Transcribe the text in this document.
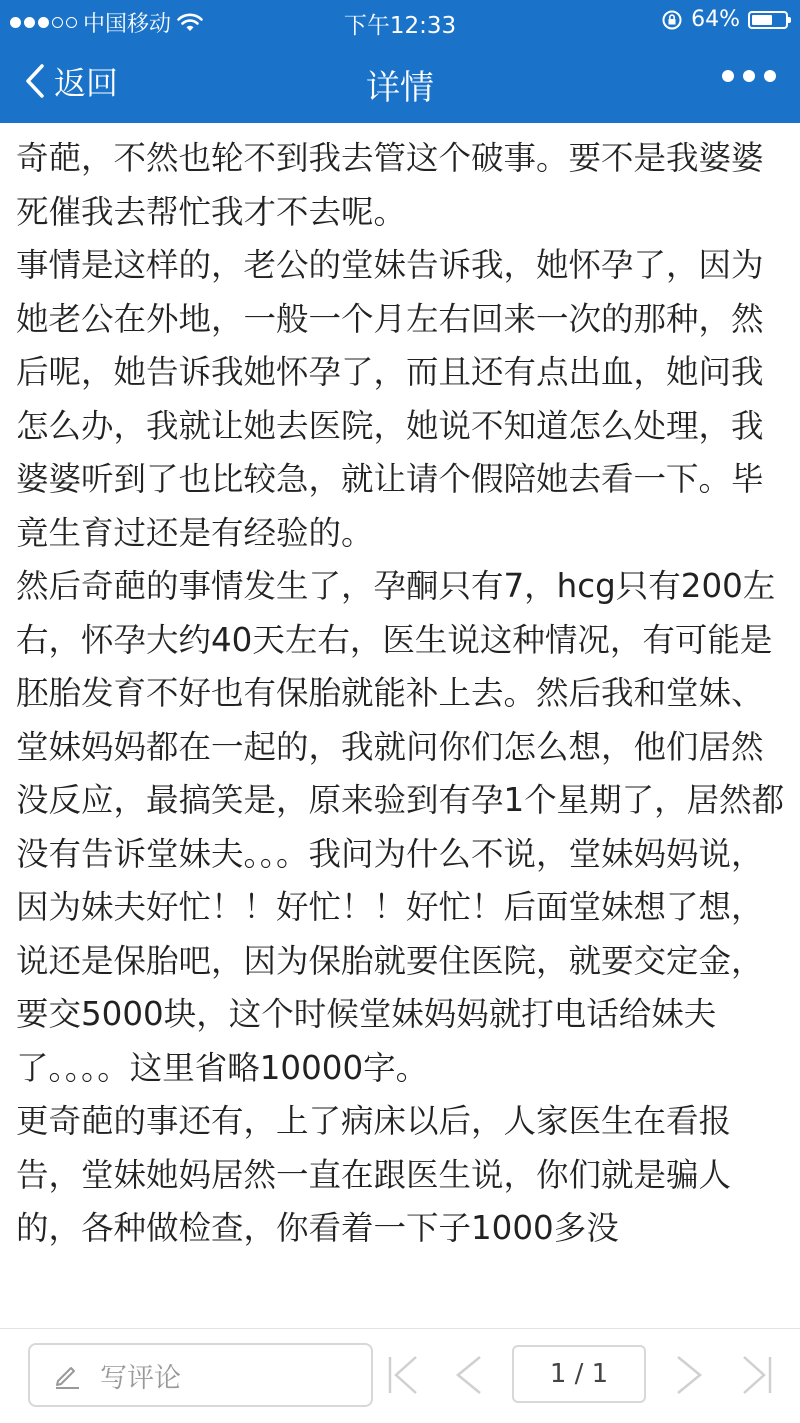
中国移动	下午12:33	64%
返回	详情

奇葩，不然也轮不到我去管这个破事。要不是我婆婆死催我去帮忙我才不去呢。

事情是这样的，老公的堂妹告诉我，她怀孕了，因为她老公在外地，一般一个月左右回来一次的那种，然后呢，她告诉我她怀孕了，而且还有点出血，她问我怎么办，我就让她去医院，她说不知道怎么处理，我婆婆听到了也比较急，就让请个假陪她去看一下。毕竟生育过还是有经验的。

然后奇葩的事情发生了，孕酮只有7，hcg只有200左右，怀孕大约40天左右，医生说这种情况，有可能是胚胎发育不好也有保胎就能补上去。然后我和堂妹、堂妹妈妈都在一起的，我就问你们怎么想，他们居然没反应，最搞笑是，原来验到有孕1个星期了，居然都没有告诉堂妹夫。。。我问为什么不说，堂妹妈妈说，因为妹夫好忙！！好忙！！好忙！后面堂妹想了想，说还是保胎吧，因为保胎就要住医院，就要交定金，要交5000块，这个时候堂妹妈妈就打电话给妹夫了。。。。这里省略10000字。

更奇葩的事还有，上了病床以后，人家医生在看报告，堂妹她妈居然一直在跟医生说，你们就是骗人的，各种做检查，你看着一下子1000多没

写评论	1 / 1
